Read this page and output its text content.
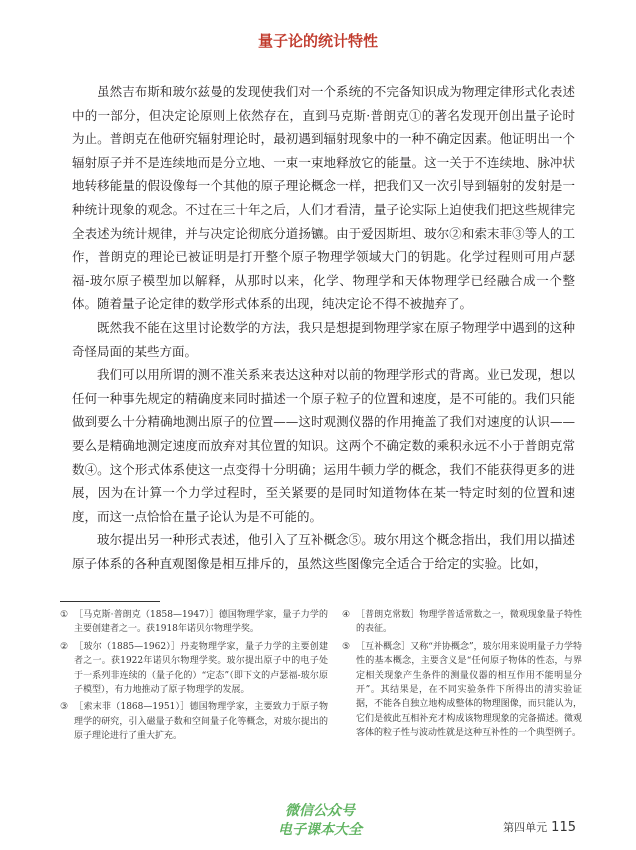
量子论的统计特性

虽然吉布斯和玻尔兹曼的发现使我们对一个系统的不完备知识成为物理定律形式化表述中的一部分，但决定论原则上依然存在，直到马克斯·普朗克①的著名发现开创出量子论时为止。普朗克在他研究辐射理论时，最初遇到辐射现象中的一种不确定因素。他证明出一个辐射原子并不是连续地而是分立地、一束一束地释放它的能量。这一关于不连续地、脉冲状地转移能量的假设像每一个其他的原子理论概念一样，把我们又一次引导到辐射的发射是一种统计现象的观念。不过在三十年之后，人们才看清，量子论实际上迫使我们把这些规律完全表述为统计规律，并与决定论彻底分道扬镳。由于爱因斯坦、玻尔②和索末菲③等人的工作，普朗克的理论已被证明是打开整个原子物理学领域大门的钥匙。化学过程则可用卢瑟福-玻尔原子模型加以解释，从那时以来，化学、物理学和天体物理学已经融合成一个整体。随着量子论定律的数学形式体系的出现，纯决定论不得不被抛弃了。

既然我不能在这里讨论数学的方法，我只是想提到物理学家在原子物理学中遇到的这种奇怪局面的某些方面。

我们可以用所谓的测不准关系来表达这种对以前的物理学形式的背离。业已发现，想以任何一种事先规定的精确度来同时描述一个原子粒子的位置和速度，是不可能的。我们只能做到要么十分精确地测出原子的位置——这时观测仪器的作用掩盖了我们对速度的认识——要么是精确地测定速度而放弃对其位置的知识。这两个不确定数的乘积永远不小于普朗克常数④。这个形式体系使这一点变得十分明确；运用牛顿力学的概念，我们不能获得更多的进展，因为在计算一个力学过程时，至关紧要的是同时知道物体在某一特定时刻的位置和速度，而这一点恰恰在量子论认为是不可能的。

玻尔提出另一种形式表述，他引入了互补概念⑤。玻尔用这个概念指出，我们用以描述原子体系的各种直观图像是相互排斥的，虽然这些图像完全适合于给定的实验。比如，

① ［马克斯·普朗克（1858—1947）］德国物理学家，量子力学的主要创建者之一。获1918年诺贝尔物理学奖。
② ［玻尔（1885—1962）］丹麦物理学家，量子力学的主要创建者之一。获1922年诺贝尔物理学奖。玻尔提出原子中的电子处于一系列非连续的（量子化的）“定态”（即下文的卢瑟福-玻尔原子模型），有力地推动了原子物理学的发展。
③ ［索末菲（1868—1951）］德国物理学家，主要致力于原子物理学的研究，引入磁量子数和空间量子化等概念，对玻尔提出的原子理论进行了重大扩充。
④ ［普朗克常数］物理学普适常数之一，微观现象量子特性的表征。
⑤ ［互补概念］又称“并协概念”，玻尔用来说明量子力学特性的基本概念，主要含义是“任何原子物体的性态，与界定相关现象产生条件的测量仪器的相互作用不能明显分开”。其结果是，在不同实验条件下所得出的清实验证据，不能各自独立地构成整体的物理图像，而只能认为，它们是彼此互相补充才构成该物理现象的完备描述。微观客体的粒子性与波动性就是这种互补性的一个典型例子。
微信公众号
电子课本大全	第四单元 115
